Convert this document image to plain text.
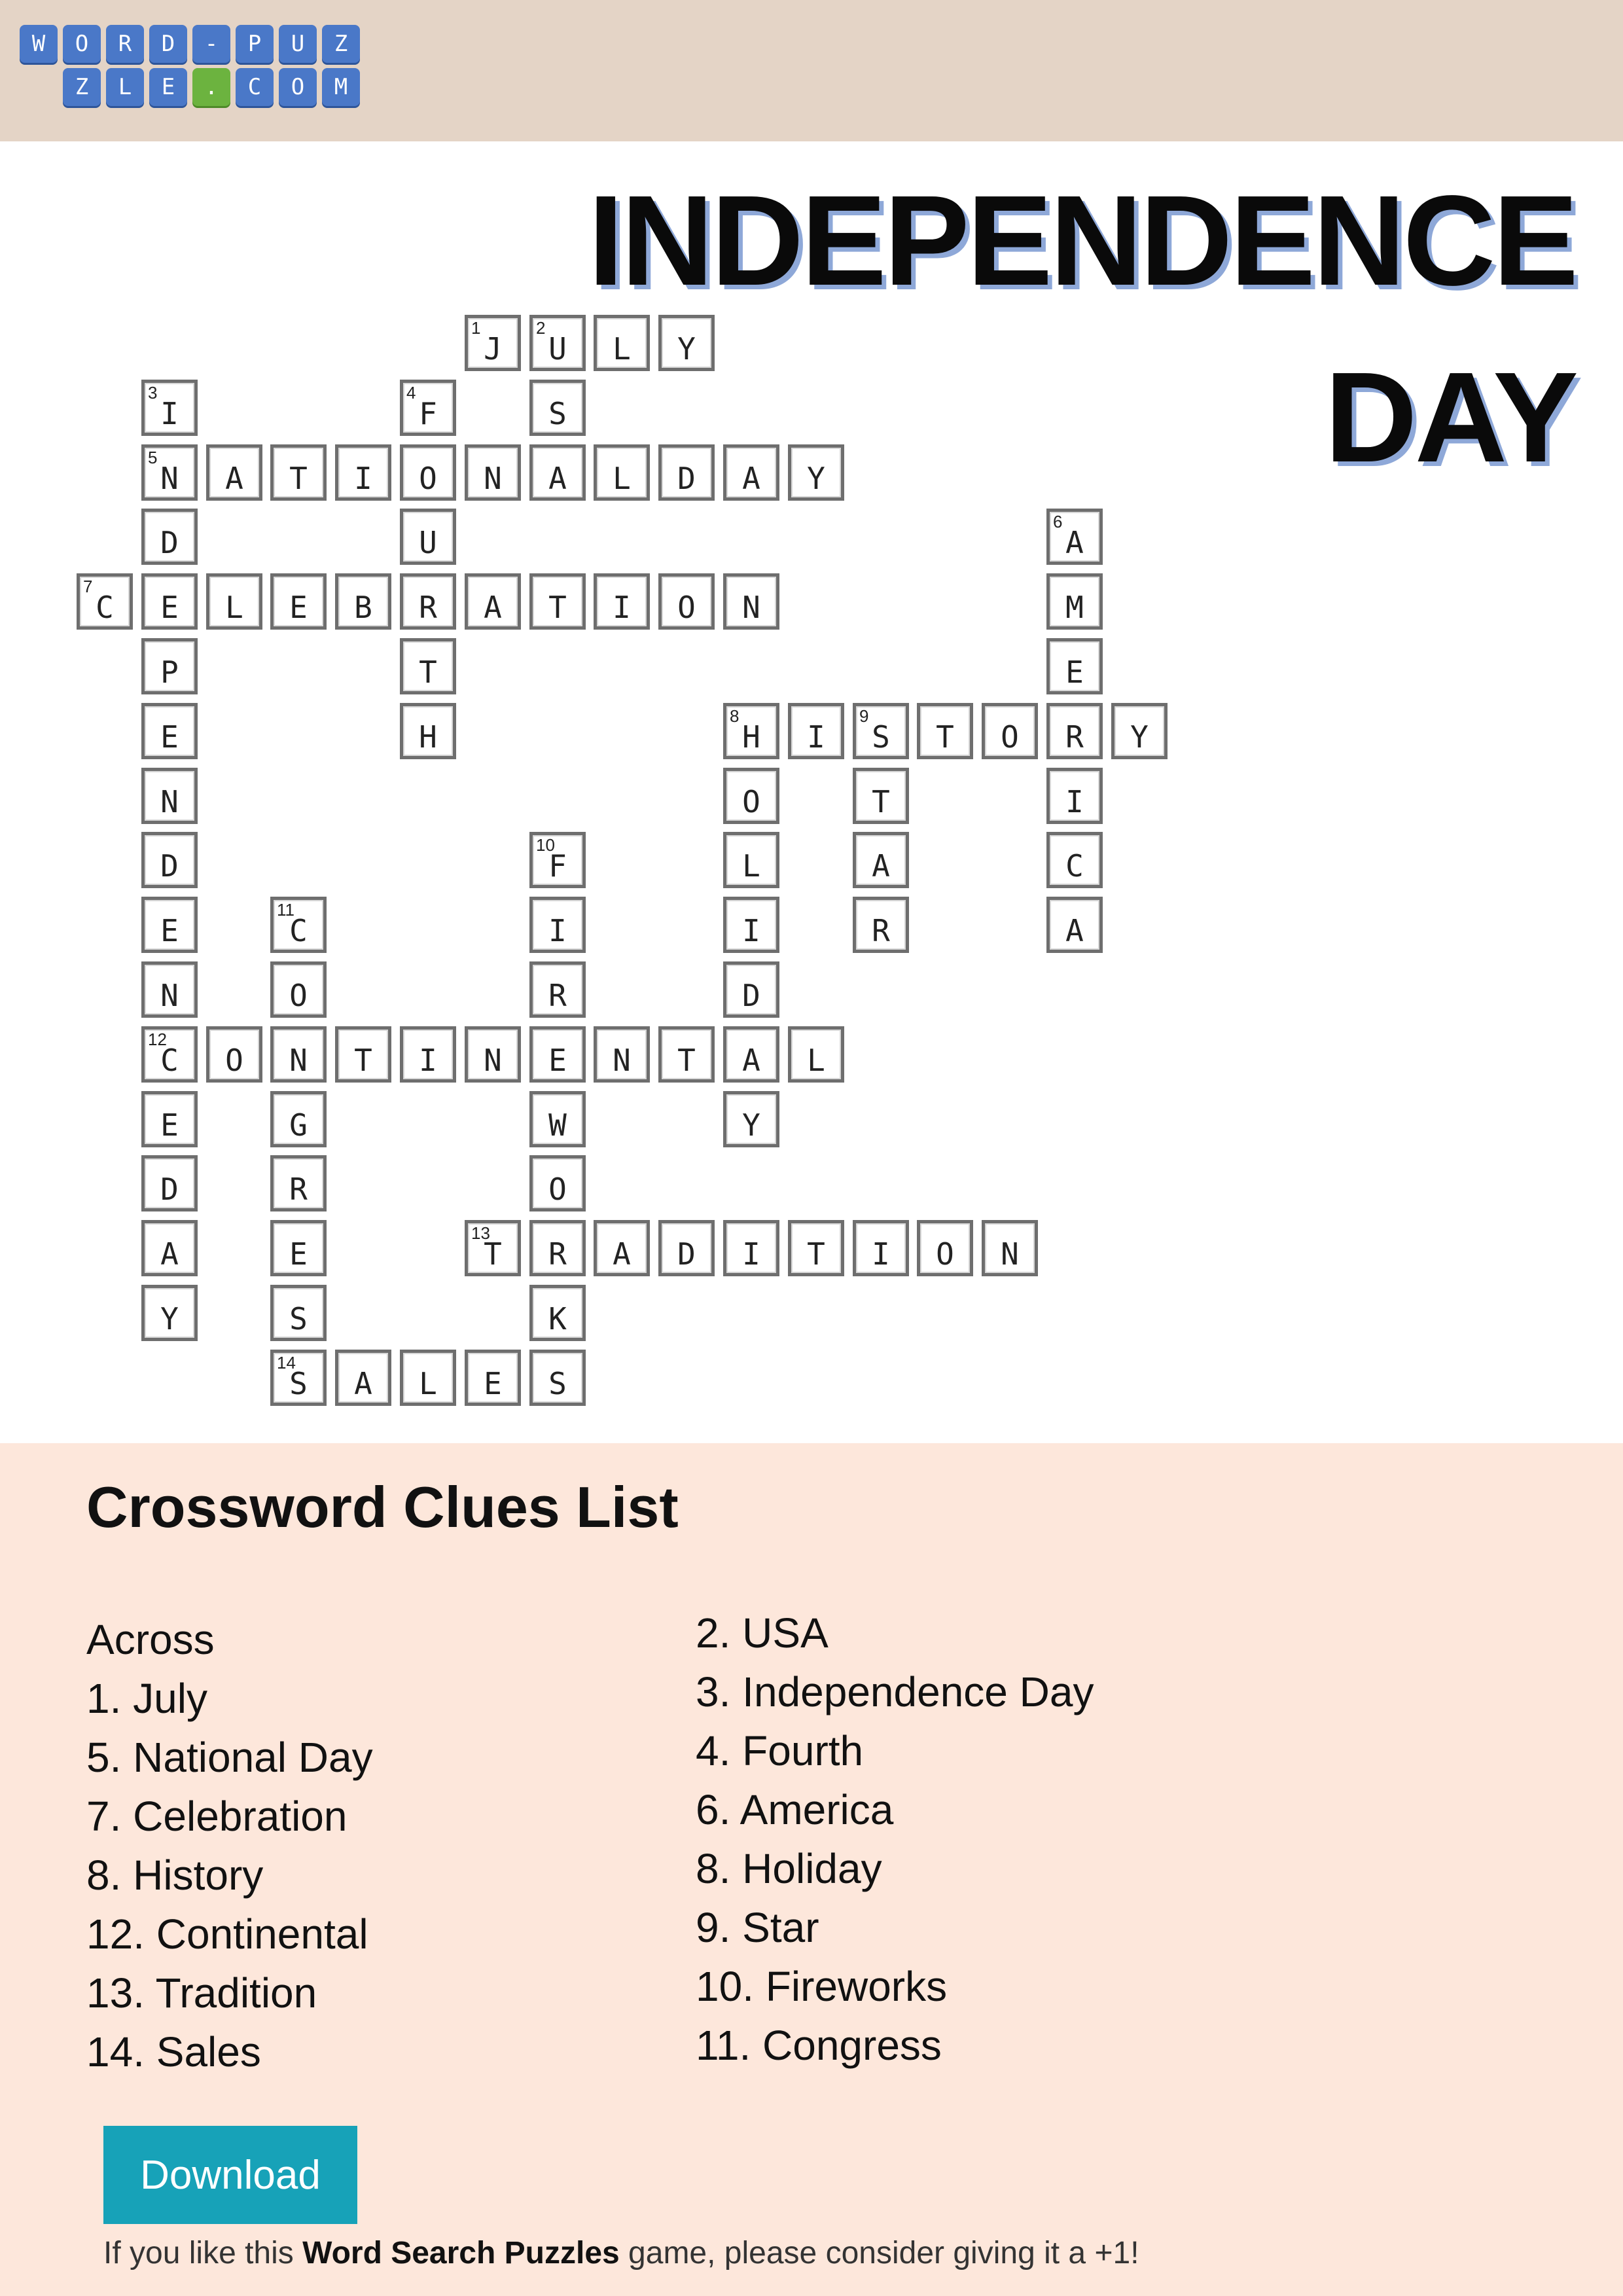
W	O	R	D	-	P	U	Z
Z	L	E	.	C	O	M
INDEPENDENCE
DAY
1
J
2
U	L	Y
S
A
3
I
5
N
D
E
P
E
N
D
E
N
12
C
E
D
A
Y
4
F
O
U
R
T
H
A	T	I	N	L	D	A	Y
6
A
M
E
R
I
C
A
7
C	L	E	B	A	T	I	O	N
8
H	I
9
S	T	O	Y
O
L
I
D
A
Y
T
A
R
10
F
I
R
E
W
O
R
K
S
11
C
O
N
G
R
E
S
14
S
O	T	I	N	N	T	L
13
T	A	D	I	T	I	O	N
A	L	E
Crossword Clues List
Across
1. July
5. National Day
7. Celebration
8. History
12. Continental
13. Tradition
14. Sales
2. USA
3. Independence Day
4. Fourth
6. America
8. Holiday
9. Star
10. Fireworks
11. Congress
Download
If you like this Word Search Puzzles game, please consider giving it a +1!
